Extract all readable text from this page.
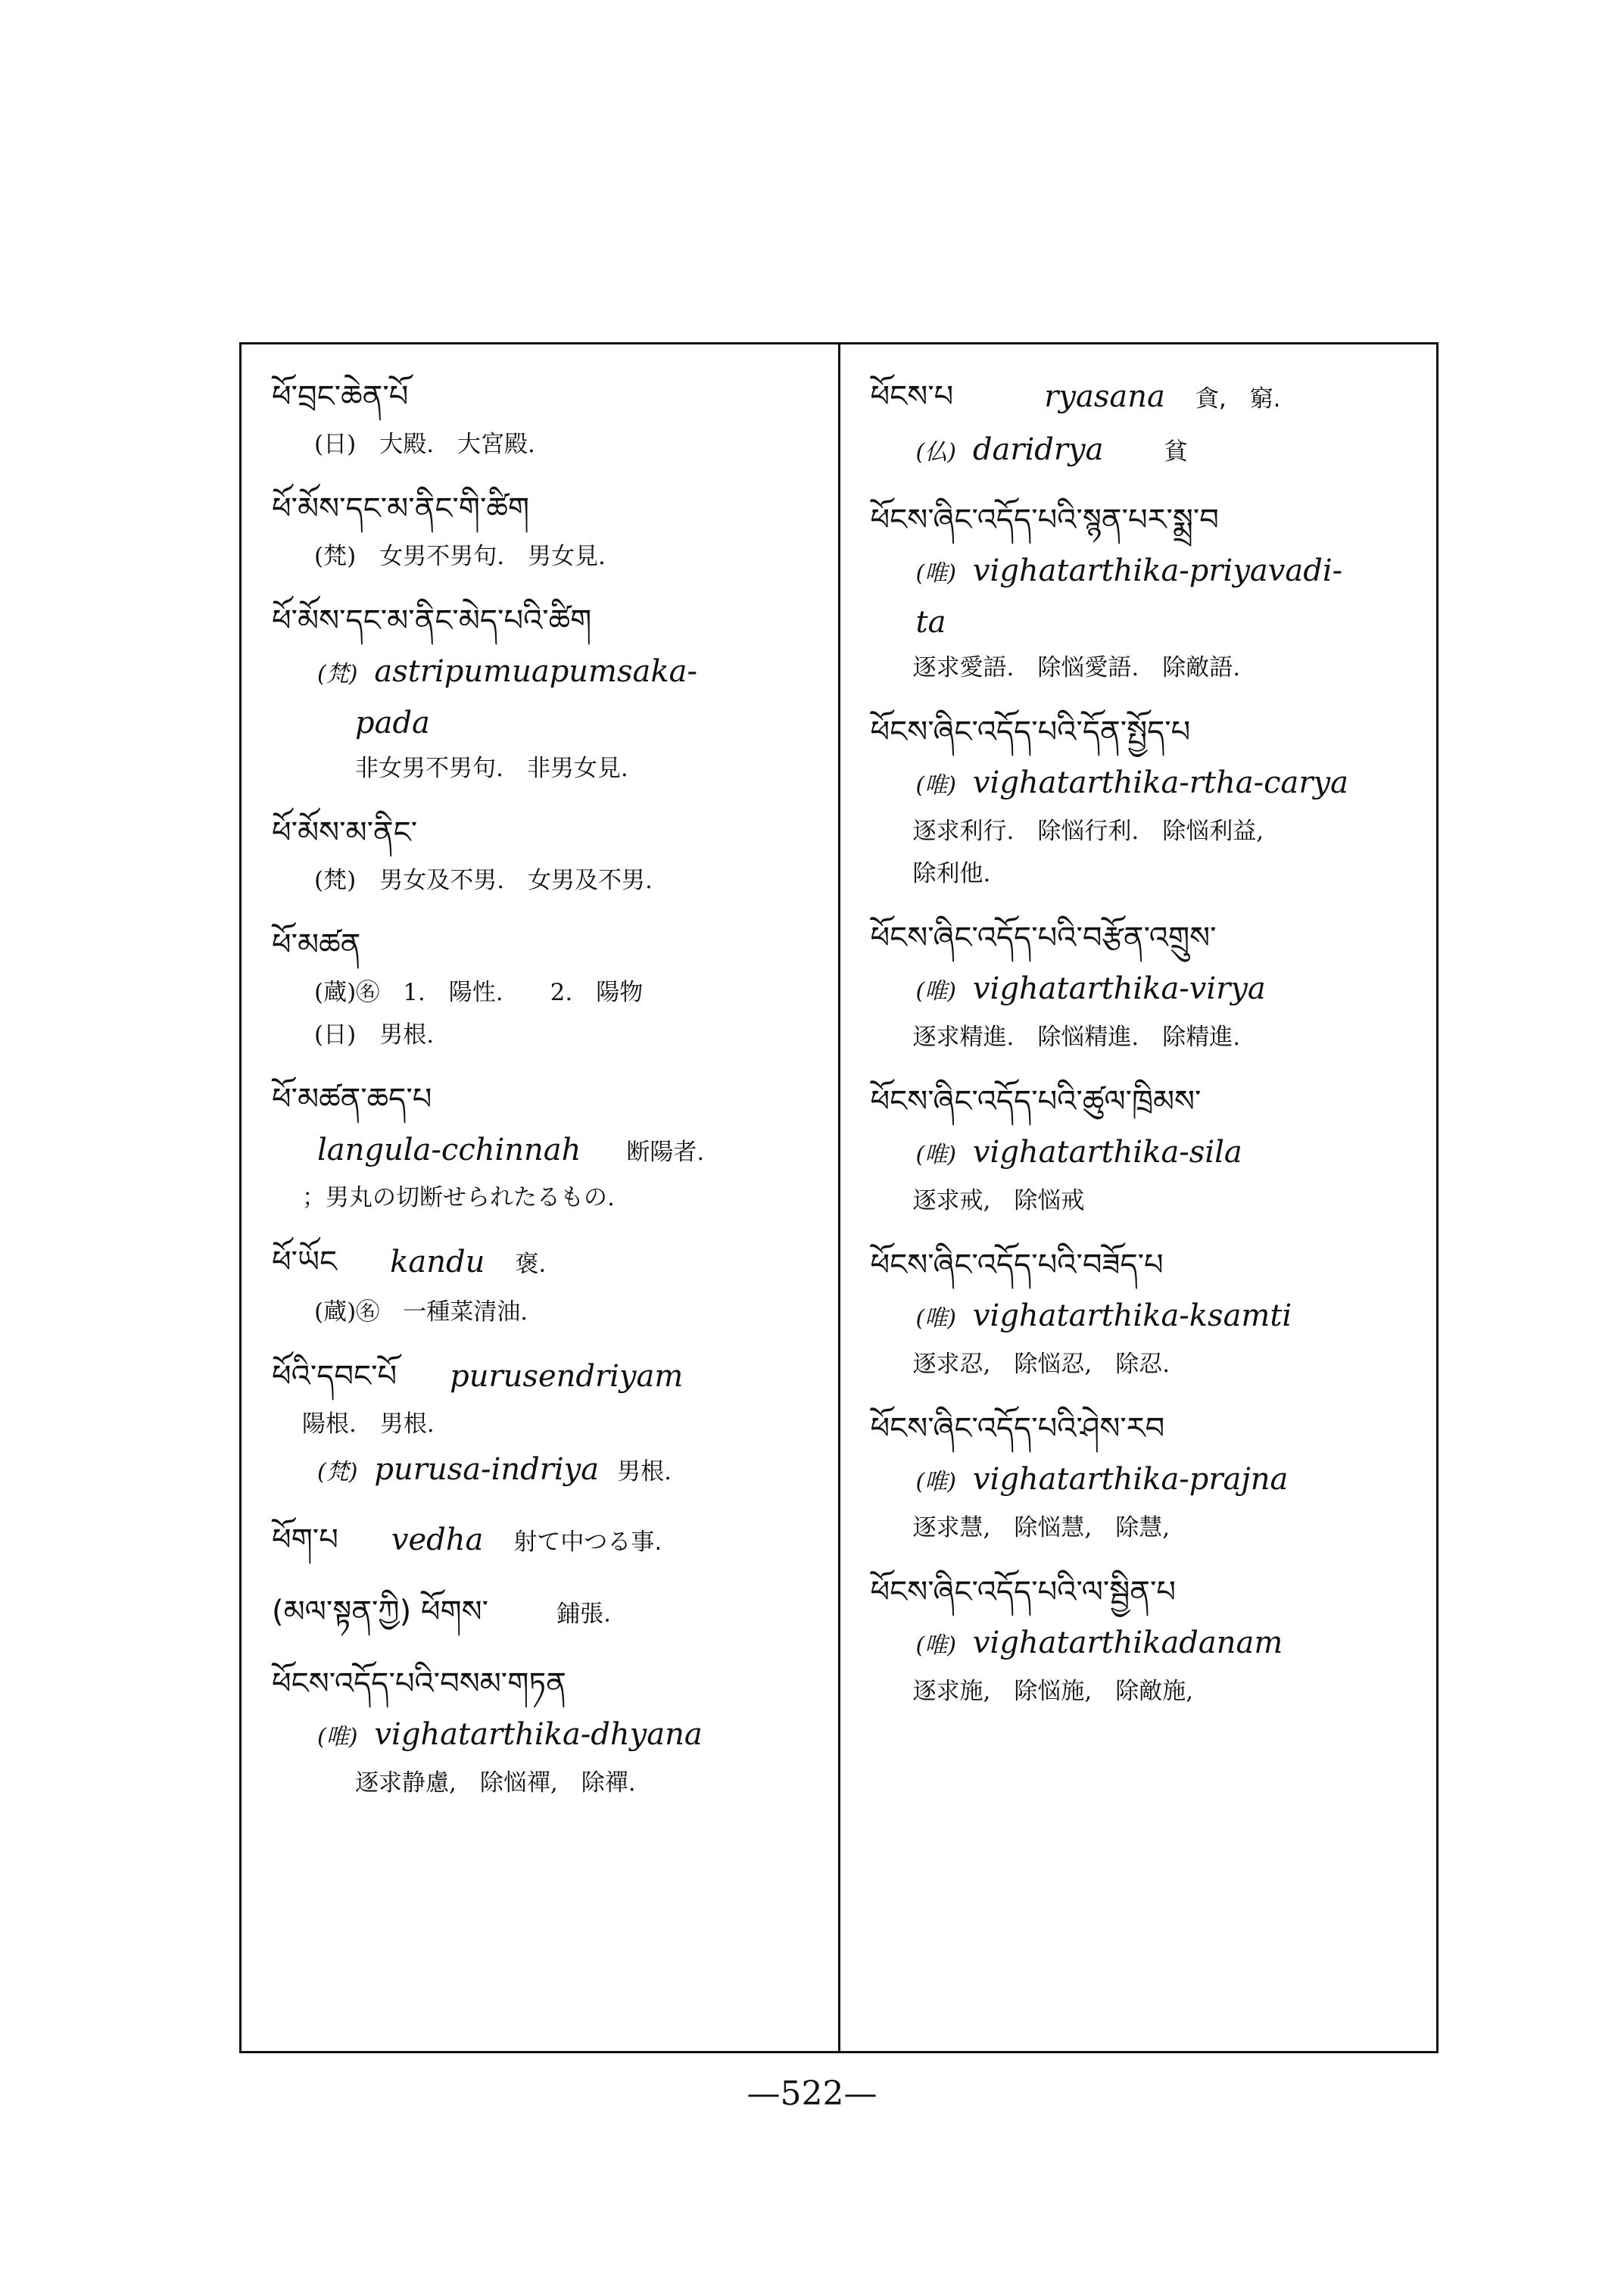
ཕོ་བྲང་ཆེན་པོ
(日)　大殿.　大宮殿.
ཕོ་མོས་དང་མ་ནིང་གི་ཚིག
(梵)　女男不男句.　男女見.
ཕོ་མོས་དང་མ་ནིང་མེད་པའི་ཚིག
(梵) astripumuapumsaka-
pada
非女男不男句.　非男女見.
ཕོ་མོས་མ་ནིང་
(梵)　男女及不男.　女男及不男.
ཕོ་མཚན
(蔵)㊔　1.　陽性.　　2.　陽物
(日)　男根.
ཕོ་མཚན་ཆད་པ
langula-cchinnah 断陽者.
；男丸の切断せられたるもの.
ཕོ་ཡོང kandu 褒.
(蔵)㊔　一種菜清油.
ཕོའི་དབང་པོ purusendriyam
陽根.　男根.
(梵) purusa-indriya 男根.
ཕོག་པ vedha 射て中つる事.
(མལ་སྟན་ཀྱི) ཕོགས་	鋪張.
ཕོངས་འདོད་པའི་བསམ་གཏན
(唯) vighatarthika-dhyana
逐求静慮,　除悩禪,　除禪.
ཕོངས་པ	ryasana 貪,　窮.
(仏) daridrya	貧
ཕོངས་ཞིང་འདོད་པའི་སྙན་པར་སྨྲ་བ
(唯) vighatarthika-priyavadi-
ta
逐求愛語.　除悩愛語.　除敵語.
ཕོངས་ཞིང་འདོད་པའི་དོན་སྤྱོད་པ
(唯) vighatarthika-rtha-carya
逐求利行.　除悩行利.　除悩利益,
除利他.
ཕོངས་ཞིང་འདོད་པའི་བརྩོན་འགྲུས་
(唯) vighatarthika-virya
逐求精進.　除悩精進.　除精進.
ཕོངས་ཞིང་འདོད་པའི་ཚུལ་ཁྲིམས་
(唯) vighatarthika-sila
逐求戒,　除悩戒
ཕོངས་ཞིང་འདོད་པའི་བཟོད་པ
(唯) vighatarthika-ksamti
逐求忍,　除悩忍,　除忍.
ཕོངས་ཞིང་འདོད་པའི་ཤེས་རབ
(唯) vighatarthika-prajna
逐求慧,　除悩慧,　除慧,
ཕོངས་ཞིང་འདོད་པའི་ལ་སྦྱིན་པ
(唯) vighatarthikadanam
逐求施,　除悩施,　除敵施,
—522—
